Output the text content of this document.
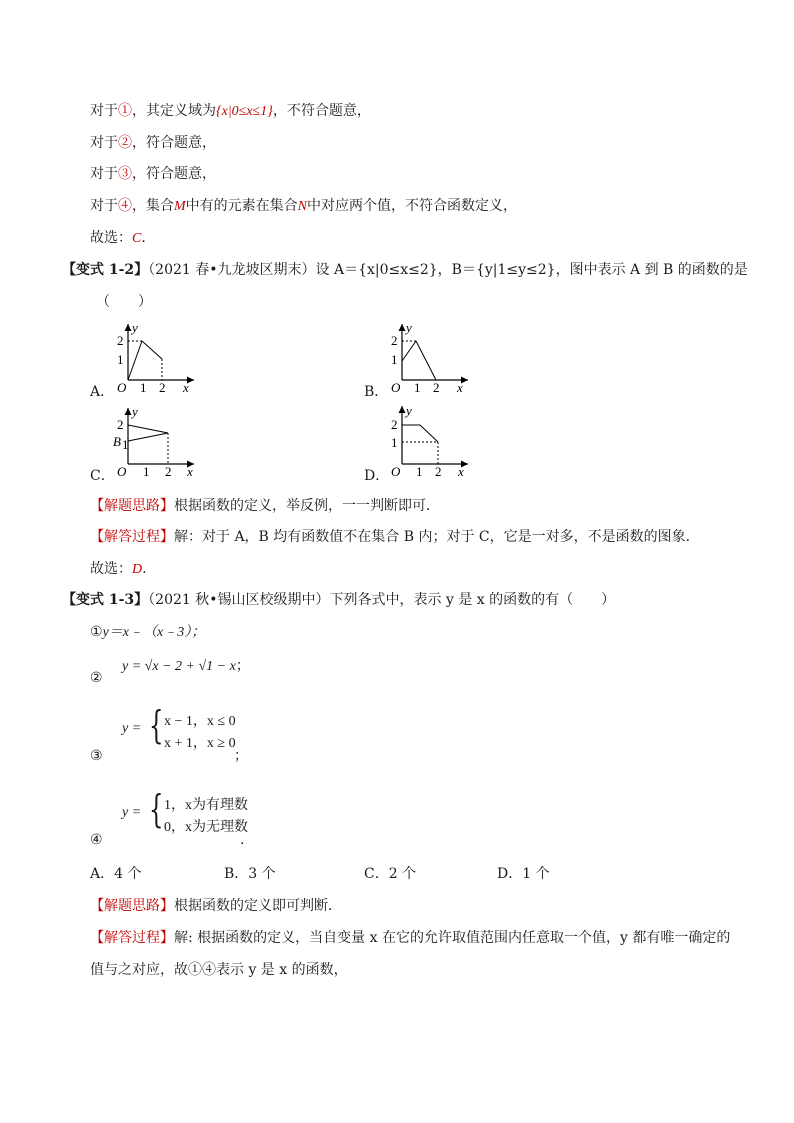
对于①，其定义域为{x|0≤x≤1}，不符合题意，
对于②，符合题意，
对于③，符合题意，
对于④，集合M中有的元素在集合N中对应两个值，不符合函数定义，
故选：C.
【变式 1-2】（2021 春•九龙坡区期末）设 A＝{x|0≤x≤2}，B＝{y|1≤y≤2}，图中表示 A 到 B 的函数的是
（　　）
A．
y
2
1
O 1 2 x	B．
y
2
1
O 1 2 x
C．
y
2
B 1
O 1 2 x	D．
y
2
1
O 1 2 x
【解题思路】根据函数的定义，举反例，一一判断即可．
【解答过程】解：对于 A，B 均有函数值不在集合 B 内；对于 C，它是一对多，不是函数的图象．
故选：D.
【变式 1-3】（2021 秋•锡山区校级期中）下列各式中，表示 y 是 x 的函数的有（　　）
①y＝x﹣（x﹣3）；
②
y = √x − 2 + √1 − x；
③
y = { x − 1，x ≤ 0
x + 1，x ≥ 0
；
④
y = { 1，x为有理数
0，x为无理数
.
A．4 个	B．3 个	C．2 个	D．1 个
【解题思路】根据函数的定义即可判断．
【解答过程】解: 根据函数的定义，当自变量 x 在它的允许取值范围内任意取一个值，y 都有唯一确定的
值与之对应，故①④表示 y 是 x 的函数，
